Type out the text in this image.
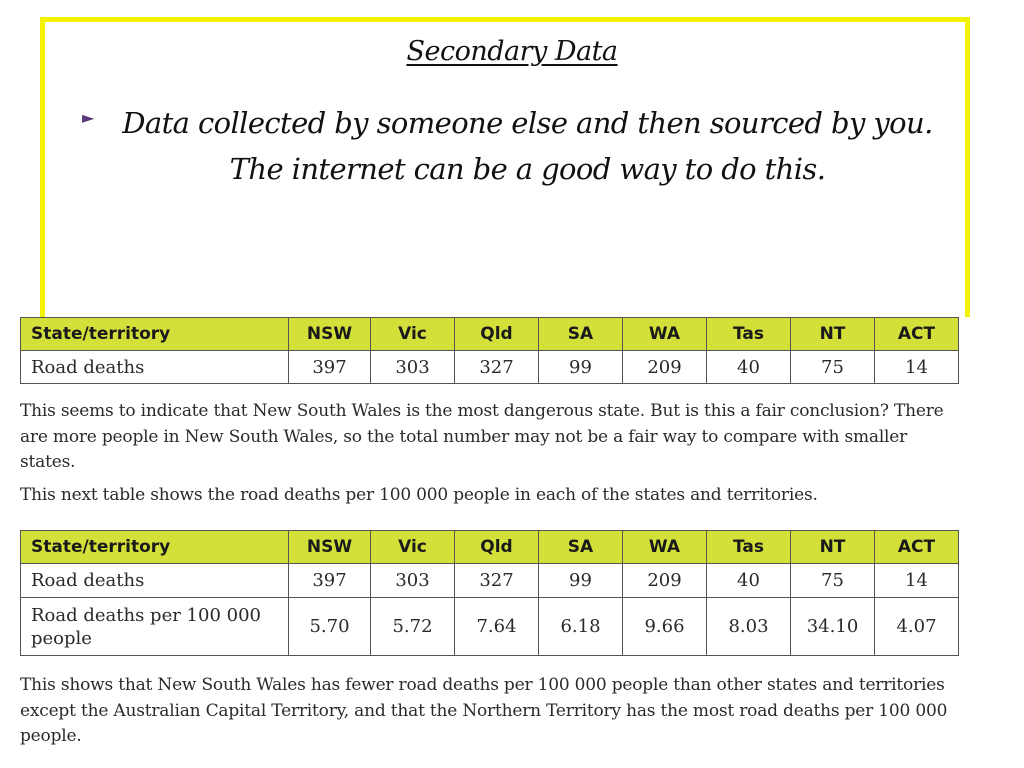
Secondary Data
► Data collected by someone else and then sourced by you. The internet can be a good way to do this.
State/territory	NSW	Vic	Qld	SA	WA	Tas	NT	ACT
Road deaths	397	303	327	99	209	40	75	14
This seems to indicate that New South Wales is the most dangerous state. But is this a fair conclusion? There are more people in New South Wales, so the total number may not be a fair way to compare with smaller states.
This next table shows the road deaths per 100 000 people in each of the states and territories.
State/territory	NSW	Vic	Qld	SA	WA	Tas	NT	ACT
Road deaths	397	303	327	99	209	40	75	14
Road deaths per 100 000 people	5.70	5.72	7.64	6.18	9.66	8.03	34.10	4.07
This shows that New South Wales has fewer road deaths per 100 000 people than other states and territories except the Australian Capital Territory, and that the Northern Territory has the most road deaths per 100 000 people.
